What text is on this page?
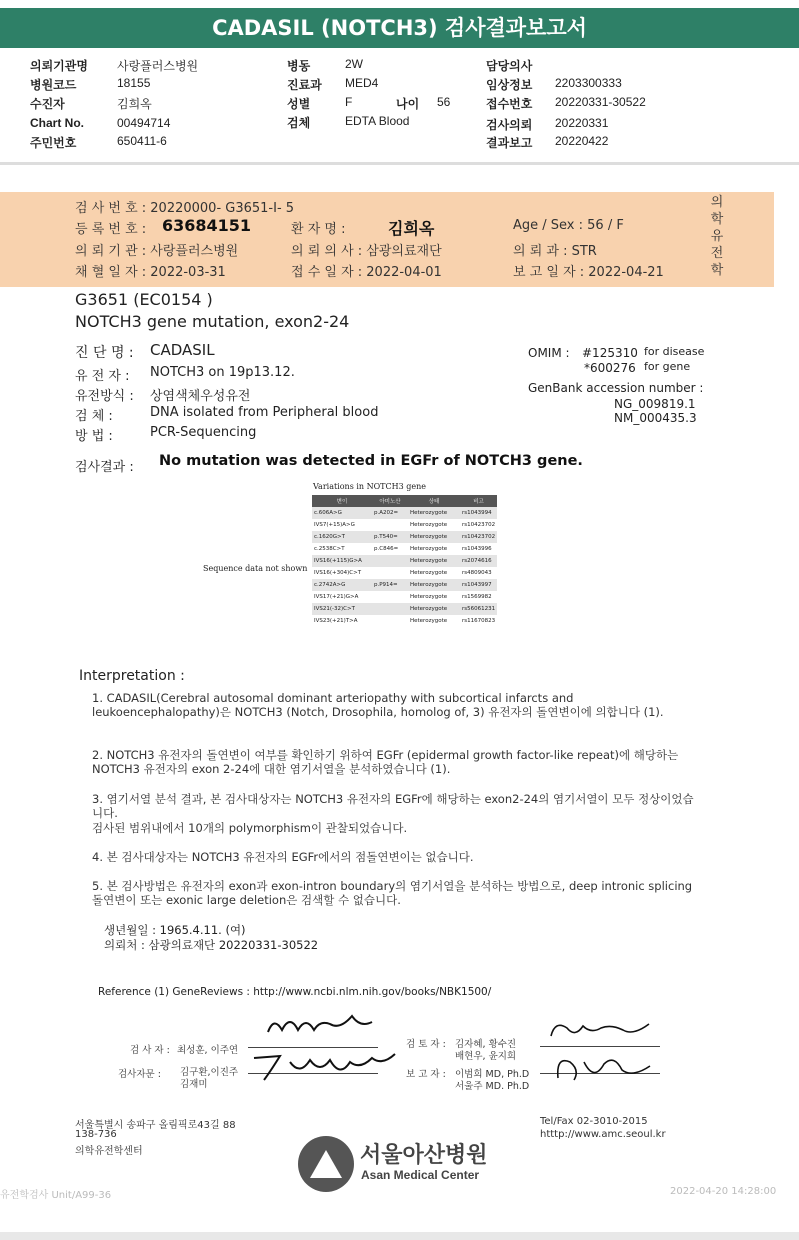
CADASIL (NOTCH3) 검사결과보고서
의뢰기관명 사랑플러스병원
병원코드	18155
수진자	김희옥
Chart No.	00494714
주민번호	650411-6
병동	2W
진료과 MED4
성별	F	나이 56
검체	EDTA Blood
담당의사
임상정보 2203300333
접수번호 20220331-30522
검사의뢰 20220331
결과보고 20220422
검 사 번 호 : 20220000- G3651-I- 5
등 록 번 호 : 63684151	환 자 명 :	김희옥	Age / Sex : 56 / F
의 뢰 기 관 : 사랑플러스병원	의 뢰 의 사 : 삼광의료재단	의 뢰 과 : STR
채 혈 일 자 : 2022-03-31	접 수 일 자 : 2022-04-01	보 고 일 자 : 2022-04-21
의
학
유
전
학
G3651 (EC0154 )
NOTCH3 gene mutation, exon2-24
진 단 명 : CADASIL
유 전 자 : NOTCH3 on 19p13.12.
유전방식 : 상염색체우성유전
검 체 :	DNA isolated from Peripheral blood
방 법 :	PCR-Sequencing
OMIM : #125310 for disease
*600276 for gene
GenBank accession number :
NG_009819.1
NM_000435.3
검사결과 : No mutation was detected in EGFr of NOTCH3 gene.
Variations in NOTCH3 gene
Sequence data not shown
변이	아미노산	상태	비고
c.606A>G	p.A202=	Heterozygote	rs1043994
IVS7(+15)A>G		Heterozygote	rs10423702
c.1620G>T	p.T540=	Heterozygote	rs10423702
c.2538C>T	p.C846=	Heterozygote	rs1043996
IVS16(+115)G>A		Heterozygote	rs2074616
IVS16(+304)C>T		Heterozygote	rs4809043
c.2742A>G	p.P914=	Heterozygote	rs1043997
IVS17(+21)G>A		Heterozygote	rs1569982
IVS21(-32)C>T		Heterozygote	rs56061231
IVS23(+21)T>A		Heterozygote	rs11670823
Interpretation :
1. CADASIL(Cerebral autosomal dominant arteriopathy with subcortical infarcts and leukoencephalopathy)은 NOTCH3 (Notch, Drosophila, homolog of, 3) 유전자의 돌연변이에 의합니다 (1).
2. NOTCH3 유전자의 돌연변이 여부를 확인하기 위하여 EGFr (epidermal growth factor-like repeat)에 해당하는 NOTCH3 유전자의 exon 2-24에 대한 염기서열을 분석하였습니다 (1).
3. 염기서열 분석 결과, 본 검사대상자는 NOTCH3 유전자의 EGFr에 해당하는 exon2-24의 염기서열이 모두 정상이었습니다.
검사된 범위내에서 10개의 polymorphism이 관찰되었습니다.
4. 본 검사대상자는 NOTCH3 유전자의 EGFr에서의 점돌연변이는 없습니다.
5. 본 검사방법은 유전자의 exon과 exon-intron boundary의 염기서열을 분석하는 방법으로, deep intronic splicing 돌연변이 또는 exonic large deletion은 검색할 수 없습니다.
생년월일 : 1965.4.11. (여)
의뢰처 : 삼광의료재단 20220331-30522
Reference (1) GeneReviews : http://www.ncbi.nlm.nih.gov/books/NBK1500/
검 사 자 : 최성훈, 이주연
검사자문 : 김구환,이진주
김재미
검 토 자 : 김자혜, 황수진
배현우, 윤지희
보 고 자 : 이범희 MD, Ph.D
서울주 MD. Ph.D
서울특별시 송파구 올림픽로43길 88
138-736
의학유전학센터
Tel/Fax 02-3010-2015
htttp://www.amc.seoul.kr
서울아산병원
Asan Medical Center
유전학검사 Unit/A99-36	2022-04-20 14:28:00
